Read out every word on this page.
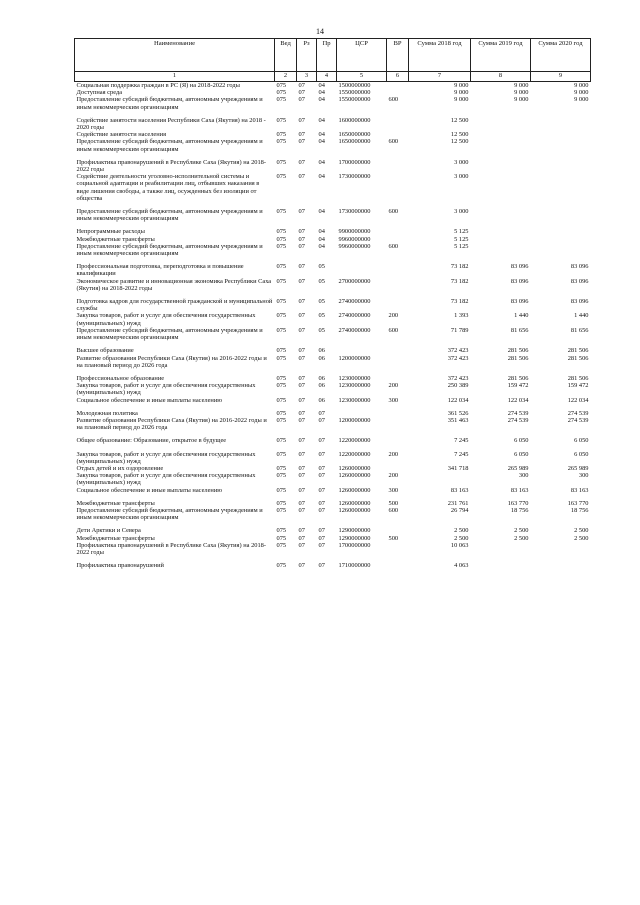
14
Наименование	Вед	Рз	Пр	ЦСР	ВР	Сумма 2018 год	Сумма 2019 год	Сумма 2020 год
1	2	3	4	5	6	7	8	9
Социальная поддержка граждан в РС (Я) на 2018-2022 годы	075	07	04	1500000000		9 000	9 000	9 000
Доступная среда	075	07	04	1550000000		9 000	9 000	9 000
Предоставление субсидий бюджетным, автономным учреждениям и иным некоммерческим организациям	075	07	04	1550000000	600	9 000	9 000	9 000

Содействие занятости населения Республики Саха (Якутия) на 2018 - 2020 годы	075	07	04	1600000000		12 500		
Содействие занятости населения	075	07	04	1650000000		12 500		
Предоставление субсидий бюджетным, автономным учреждениям и иным некоммерческим организациям	075	07	04	1650000000	600	12 500		

Профилактика правонарушений в Республике Саха (Якутия) на 2018-2022 годы	075	07	04	1700000000		3 000		
Содействие деятельности уголовно-исполнительной системы и социальной адаптации и реабилитации лиц, отбывших наказания в виде лишения свободы, а также лиц, осужденных без изоляции от общества	075	07	04	1730000000		3 000		

Предоставление субсидий бюджетным, автономным учреждениям и иным некоммерческим организациям	075	07	04	1730000000	600	3 000		

Непрограммные расходы	075	07	04	9900000000		5 125		
Межбюджетные трансферты	075	07	04	9960000000		5 125		
Предоставление субсидий бюджетным, автономным учреждениям и иным некоммерческим организациям	075	07	04	9960000000	600	5 125		

Профессиональная подготовка, переподготовка и повышение квалификации	075	07	05			73 182	83 096	83 096
Экономическое развитие и инновационная экономика Республики Саха (Якутия) на 2018-2022 годы	075	07	05	2700000000		73 182	83 096	83 096

Подготовка кадров для государственной гражданской и муниципальной службы	075	07	05	2740000000		73 182	83 096	83 096
Закупка товаров, работ и услуг для обеспечения государственных (муниципальных) нужд	075	07	05	2740000000	200	1 393	1 440	1 440
Предоставление субсидий бюджетным, автономным учреждениям и иным некоммерческим организациям	075	07	05	2740000000	600	71 789	81 656	81 656

Высшее образование	075	07	06			372 423	281 506	281 506
Развитие образования Республики Саха (Якутия) на 2016-2022 годы и на плановый период до 2026 года	075	07	06	1200000000		372 423	281 506	281 506

Профессиональное образование	075	07	06	1230000000		372 423	281 506	281 506
Закупка товаров, работ и услуг для обеспечения государственных (муниципальных) нужд	075	07	06	1230000000	200	250 389	159 472	159 472
Социальное обеспечение и иные выплаты населению	075	07	06	1230000000	300	122 034	122 034	122 034

Молодежная политика	075	07	07			361 526	274 539	274 539
Развитие образования Республики Саха (Якутия) на 2016-2022 годы и на плановый период до 2026 года	075	07	07	1200000000		351 463	274 539	274 539

Общее образование: Образование, открытое в будущее	075	07	07	1220000000		7 245	6 050	6 050

Закупка товаров, работ и услуг для обеспечения государственных (муниципальных) нужд	075	07	07	1220000000	200	7 245	6 050	6 050
Отдых детей и их оздоровление	075	07	07	1260000000		341 718	265 989	265 989
Закупка товаров, работ и услуг для обеспечения государственных (муниципальных) нужд	075	07	07	1260000000	200		300	300
Социальное обеспечение и иные выплаты населению	075	07	07	1260000000	300	83 163	83 163	83 163

Межбюджетные трансферты	075	07	07	1260000000	500	231 761	163 770	163 770
Предоставление субсидий бюджетным, автономным учреждениям и иным некоммерческим организациям	075	07	07	1260000000	600	26 794	18 756	18 756

Дети Арктики и Севера	075	07	07	1290000000		2 500	2 500	2 500
Межбюджетные трансферты	075	07	07	1290000000	500	2 500	2 500	2 500
Профилактика правонарушений в Республике Саха (Якутия) на 2018-2022 годы	075	07	07	1700000000		10 063		

Профилактика правонарушений	075	07	07	1710000000		4 063		
